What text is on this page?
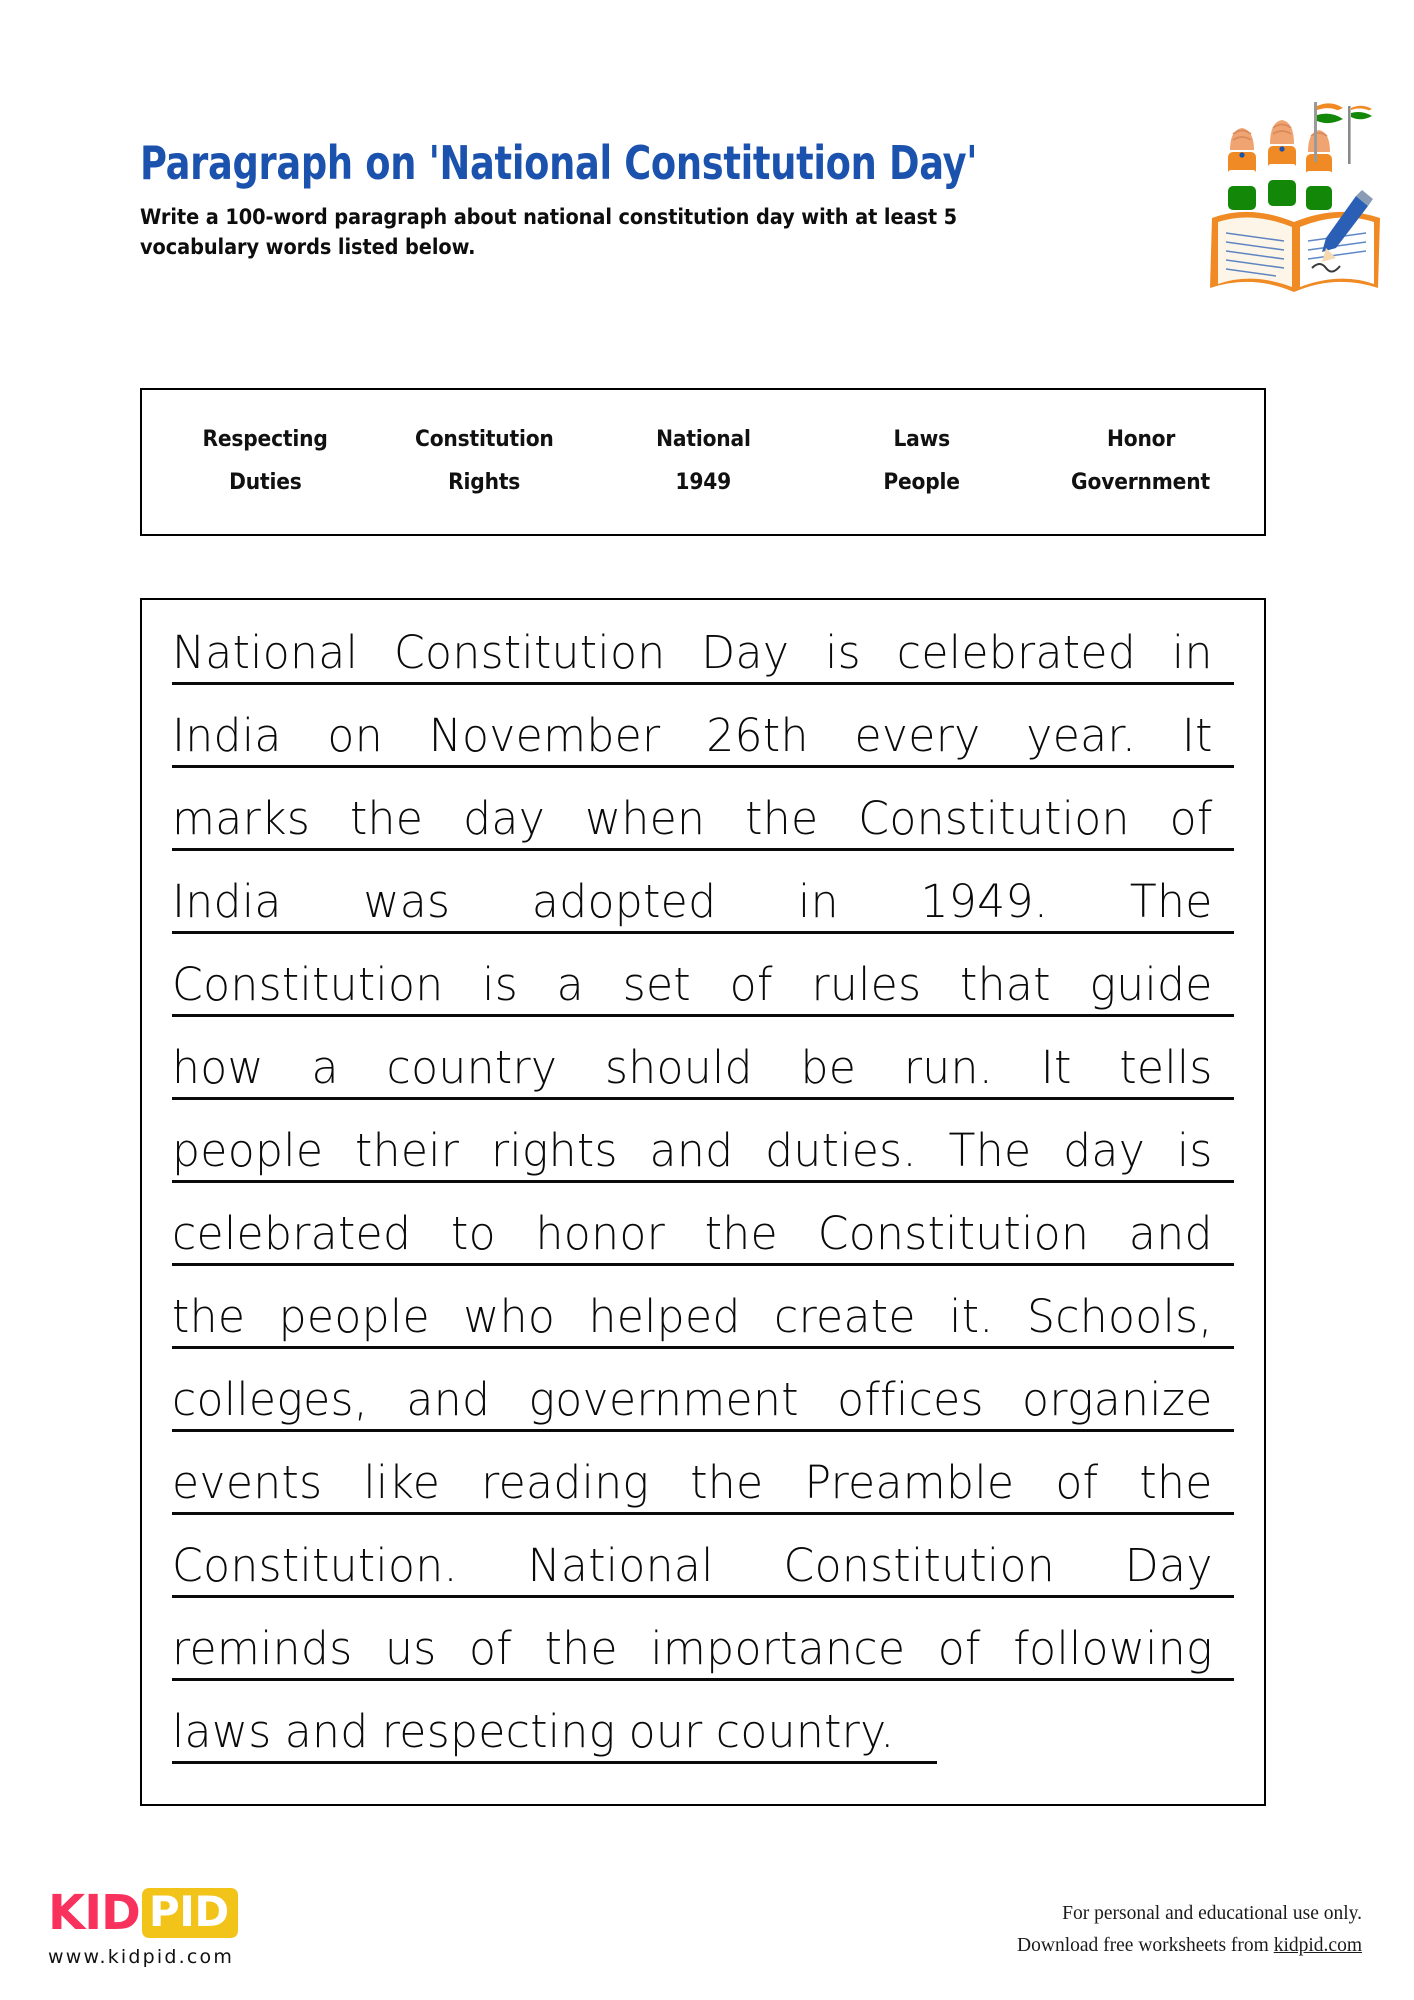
Paragraph on 'National Constitution Day'
Write a 100-word paragraph about national constitution day with at least 5 vocabulary words listed below.
Respecting	Constitution	National	Laws	Honor
Duties	Rights	1949	People	Government
National Constitution Day is celebrated in
India on November 26th every year. It
marks the day when the Constitution of
India was adopted in 1949. The
Constitution is a set of rules that guide
how a country should be run. It tells
people their rights and duties. The day is
celebrated to honor the Constitution and
the people who helped create it. Schools,
colleges, and government offices organize
events like reading the Preamble of the
Constitution. National Constitution Day
reminds us of the importance of following
laws and respecting our country.
KID PID
www.kidpid.com
For personal and educational use only.
Download free worksheets from kidpid.com
